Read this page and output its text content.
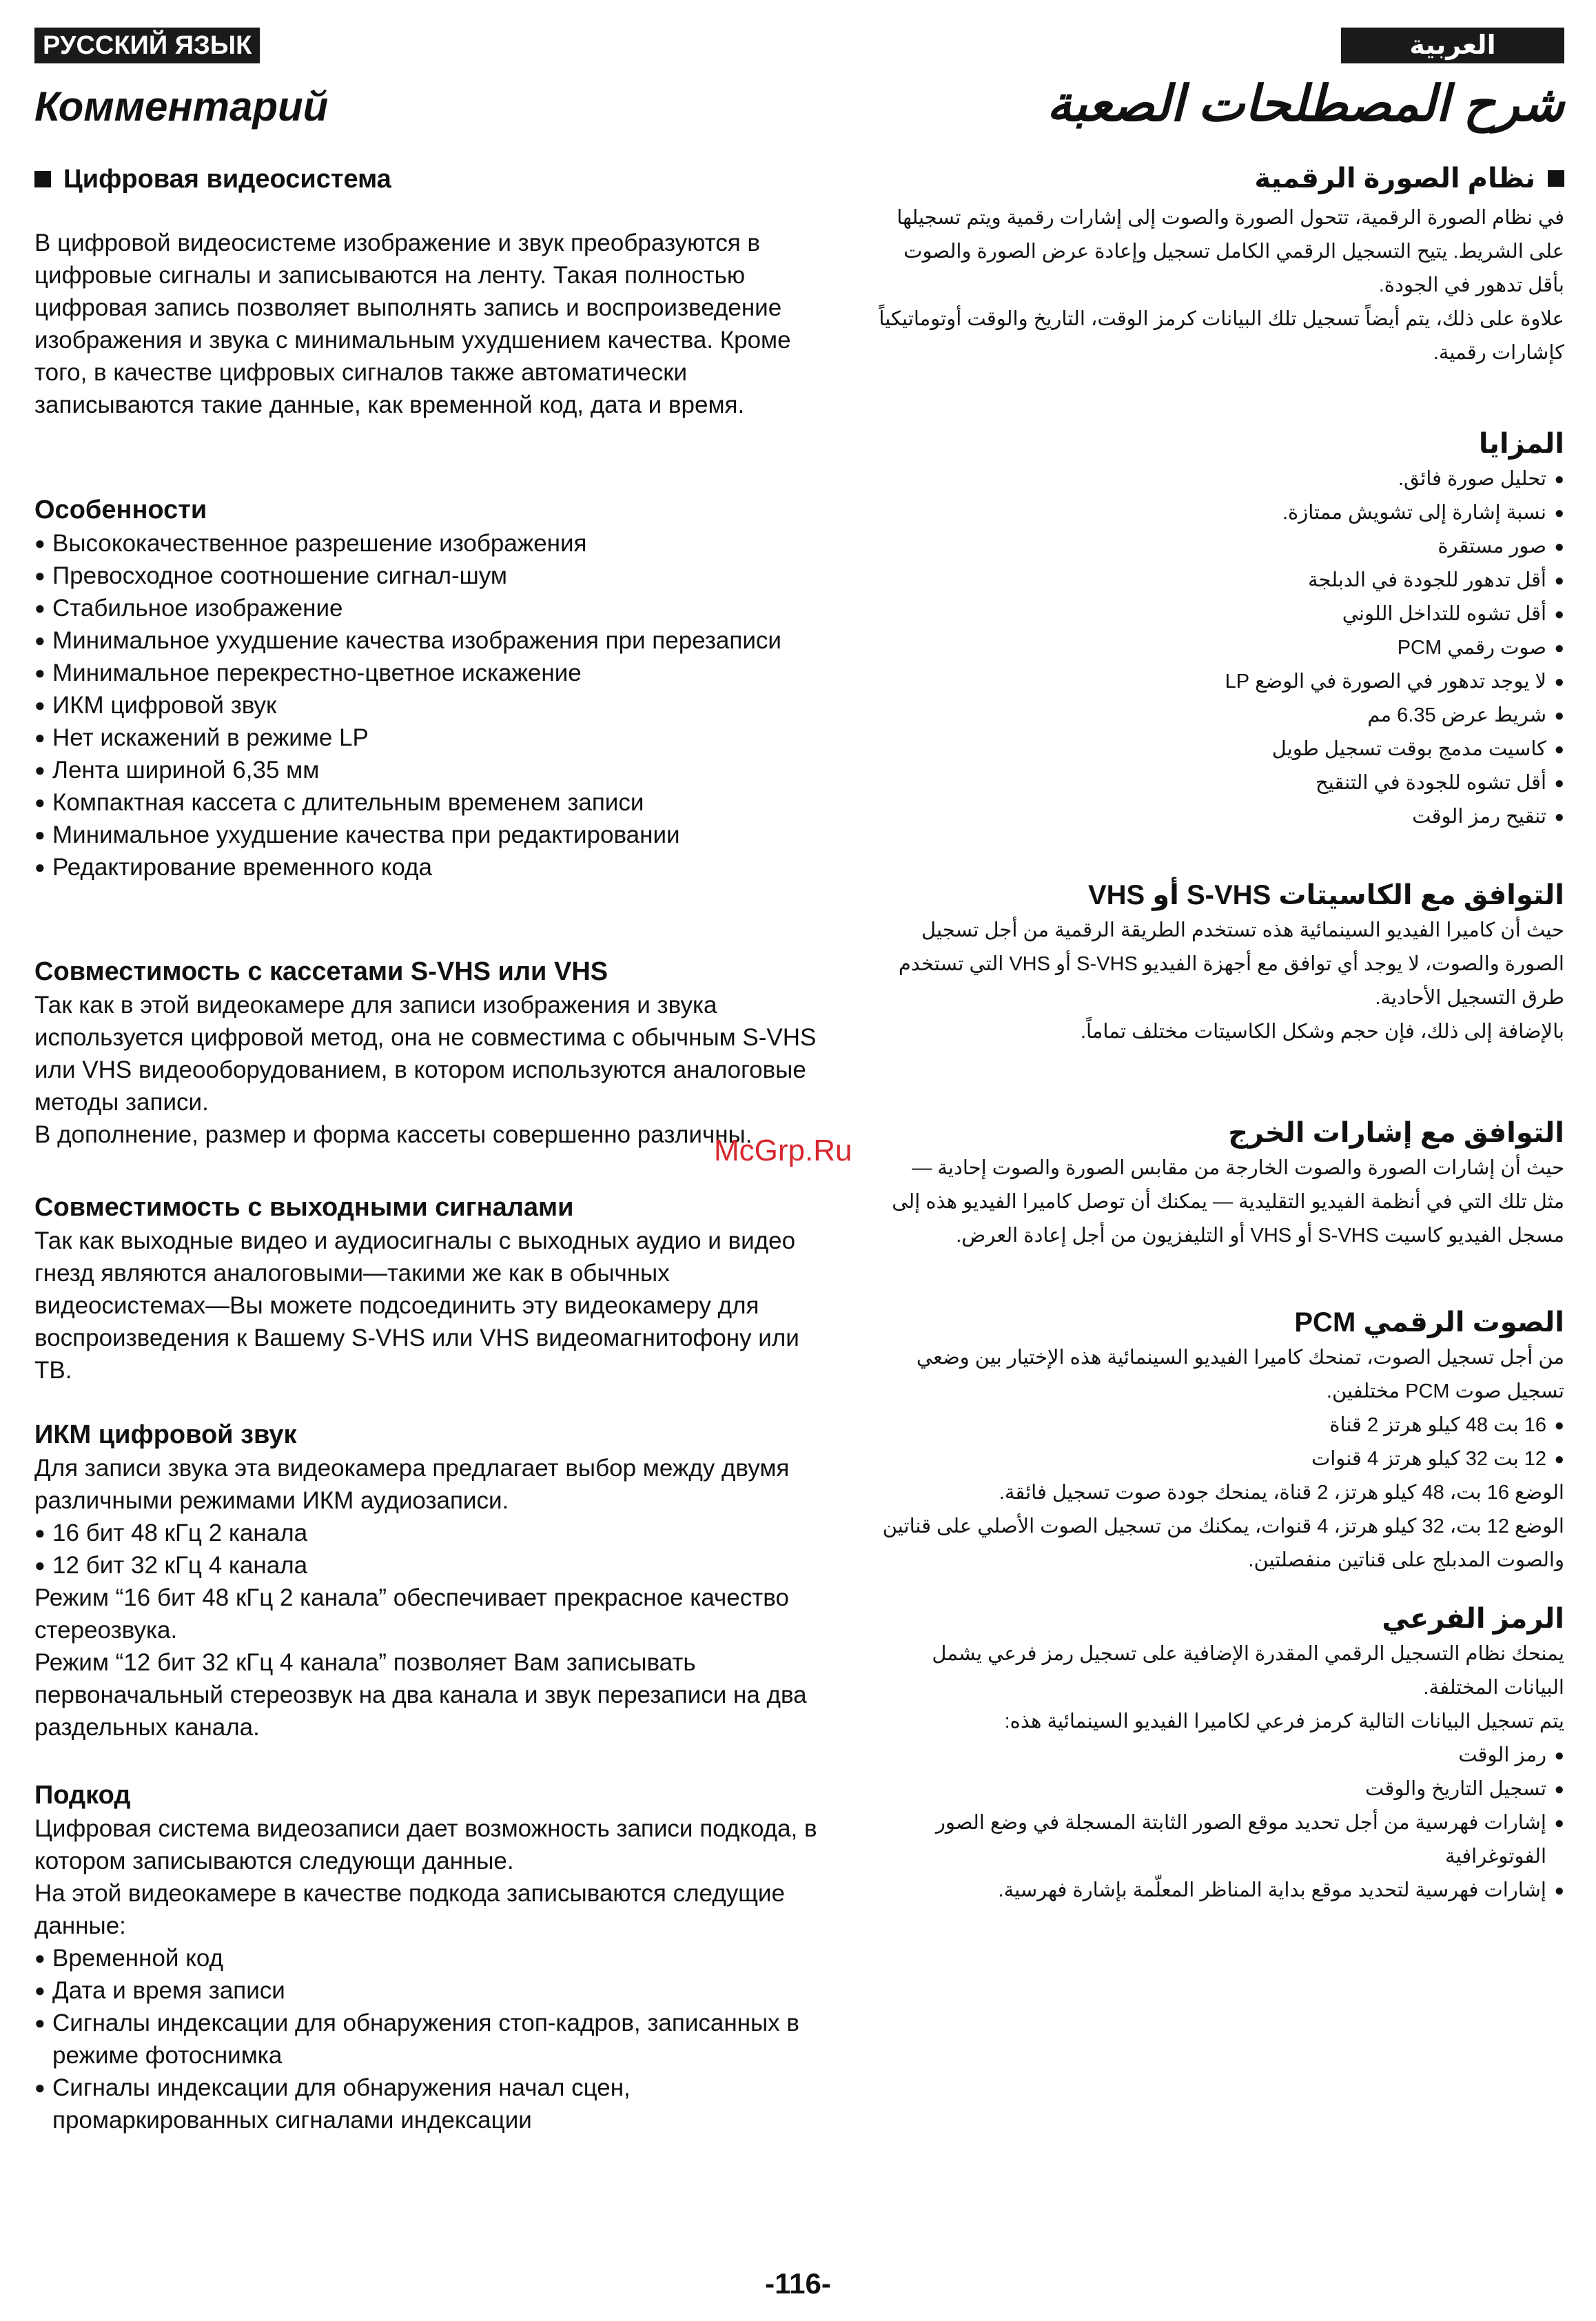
РУССКИЙ ЯЗЫК	العربية
Комментарий	شرح المصطلحات الصعبة
Цифровая видеосистема

В цифровой видеосистеме изображение и звук преобразуются в цифровые сигналы и записываются на ленту. Такая полностью цифровая запись позволяет выполнять запись и воспроизведение изображения и звука с минимальным ухудшением качества. Кроме того, в качестве цифровых сигналов также автоматически записываются такие данные, как временной код, дата и время.

Особенности
● Высококачественное разрешение изображения
● Превосходное соотношение сигнал-шум
● Стабильное изображение
● Минимальное ухудшение качества изображения при перезаписи
● Минимальное перекрестно-цветное искажение
● ИКМ цифровой звук
● Нет искажений в режиме LP
● Лента шириной 6,35 мм
● Компактная кассета с длительным временем записи
● Минимальное ухудшение качества при редактировании
● Редактирование временного кода
Совместимость с кассетами S-VHS или VHS

Так как в этой видеокамере для записи изображения и звука используется цифровой метод, она не совместима с обычным S-VHS или VHS видеооборудованием, в котором используются аналоговые методы записи.

В дополнение, размер и форма кассеты совершенно различны.

Совместимость с выходными сигналами

Так как выходные видео и аудиосигналы с выходных аудио и видео гнезд являются аналоговыми—такими же как в обычных видеосистемах—Вы можете подсоединить эту видеокамеру для воспроизведения к Вашему S-VHS или VHS видеомагнитофону или ТВ.

ИКМ цифровой звук

Для записи звука эта видеокамера предлагает выбор между двумя различными режимами ИКМ аудиозаписи.

● 16 бит 48 кГц 2 канала
● 12 бит 32 кГц 4 канала

Режим “16 бит 48 кГц 2 канала” обеспечивает прекрасное качество стереозвука.

Режим “12 бит 32 кГц 4 канала” позволяет Вам записывать первоначальный стереозвук на два канала и звук перезаписи на два раздельных канала.

Подкод

Цифровая система видеозаписи дает возможность записи подкода, в котором записываются следующи данные.

На этой видеокамере в качестве подкода записываются следущие данные:

● Временной код
● Дата и время записи
● Сигналы индексации для обнаружения стоп-кадров, записанных в режиме фотоснимка
● Сигналы индексации для обнаружения начал сцен, промаркированных сигналами индексации
نظام الصورة الرقمية

في نظام الصورة الرقمية، تتحول الصورة والصوت إلى إشارات رقمية ويتم تسجيلها على الشريط. يتيح التسجيل الرقمي الكامل تسجيل وإعادة عرض الصورة والصوت بأقل تدهور في الجودة.

علاوة على ذلك، يتم أيضاً تسجيل تلك البيانات كرمز الوقت، التاريخ والوقت أوتوماتيكياً كإشارات رقمية.

المزايا
● تحليل صورة فائق.
● نسبة إشارة إلى تشويش ممتازة.
● صور مستقرة
● أقل تدهور للجودة في الدبلجة
● أقل تشوه للتداخل اللوني
● صوت رقمي PCM
● لا يوجد تدهور في الصورة في الوضع LP
● شريط عرض 6.35 مم
● كاسيت مدمج بوقت تسجيل طويل
● أقل تشوه للجودة في التنقيح
● تنقيح رمز الوقت
التوافق مع الكاسيتات S-VHS أو VHS

حيث أن كاميرا الفيديو السينمائية هذه تستخدم الطريقة الرقمية من أجل تسجيل الصورة والصوت، لا يوجد أي توافق مع أجهزة الفيديو S-VHS أو VHS التي تستخدم طرق التسجيل الأحادية.

بالإضافة إلى ذلك، فإن حجم وشكل الكاسيتات مختلف تماماً.

التوافق مع إشارات الخرج

حيث أن إشارات الصورة والصوت الخارجة من مقابس الصورة والصوت إحادية — مثل تلك التي في أنظمة الفيديو التقليدية — يمكنك أن توصل كاميرا الفيديو هذه إلى مسجل الفيديو كاسيت S-VHS أو VHS أو التليفزيون من أجل إعادة العرض.

الصوت الرقمي PCM

من أجل تسجيل الصوت، تمنحك كاميرا الفيديو السينمائية هذه الإختيار بين وضعي تسجيل صوت PCM مختلفين.

● 16 بت 48 كيلو هرتز 2 قناة
● 12 بت 32 كيلو هرتز 4 قنوات

الوضع 16 بت، 48 كيلو هرتز، 2 قناة، يمنحك جودة صوت تسجيل فائقة.

الوضع 12 بت، 32 كيلو هرتز، 4 قنوات، يمكنك من تسجيل الصوت الأصلي على قناتين والصوت المدبلج على قناتين منفصلتين.

الرمز الفرعي

يمنحك نظام التسجيل الرقمي المقدرة الإضافية على تسجيل رمز فرعي يشمل البيانات المختلفة.

يتم تسجيل البيانات التالية كرمز فرعي لكاميرا الفيديو السينمائية هذه:

● رمز الوقت
● تسجيل التاريخ والوقت
● إشارات فهرسية من أجل تحديد موقع الصور الثابتة المسجلة في وضع الصور الفوتوغرافية
● إشارات فهرسية لتحديد موقع بداية المناظر المعلّمة بإشارة فهرسية.
McGrp.Ru
-116-
